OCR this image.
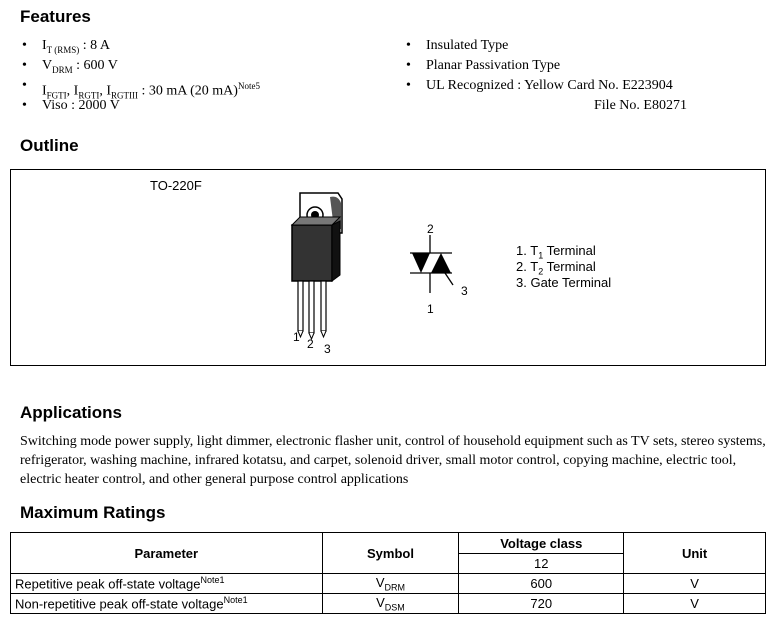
Features
• $I_{T (RMS)}$ : 8 A
• $V_{DRM}$ : 600 V
• $I_{FGTI}$, $I_{RGTI}$, $I_{RGTIII}$ : 30 mA (20 mA)$^{Note5}$
• Viso : 2000 V
• Insulated Type
• Planar Passivation Type
• UL Recognized : Yellow Card No. E223904
File No. E80271
Outline
TO-220F
1 2 3
2
1
3
1. $T_1$ Terminal
2. $T_2$ Terminal
3. Gate Terminal
Applications

Switching mode power supply, light dimmer, electronic flasher unit, control of household equipment such as TV sets, stereo systems, refrigerator, washing machine, infrared kotatsu, and carpet, solenoid driver, small motor control, copying machine, electric tool, electric heater control, and other general purpose control applications

Maximum Ratings
Parameter	Symbol	Voltage class	Unit
		12	
Repetitive peak off-state voltage$^{Note1}$	$V_{DRM}$	600	V
Non-repetitive peak off-state voltage$^{Note1}$	$V_{DSM}$	720	V
